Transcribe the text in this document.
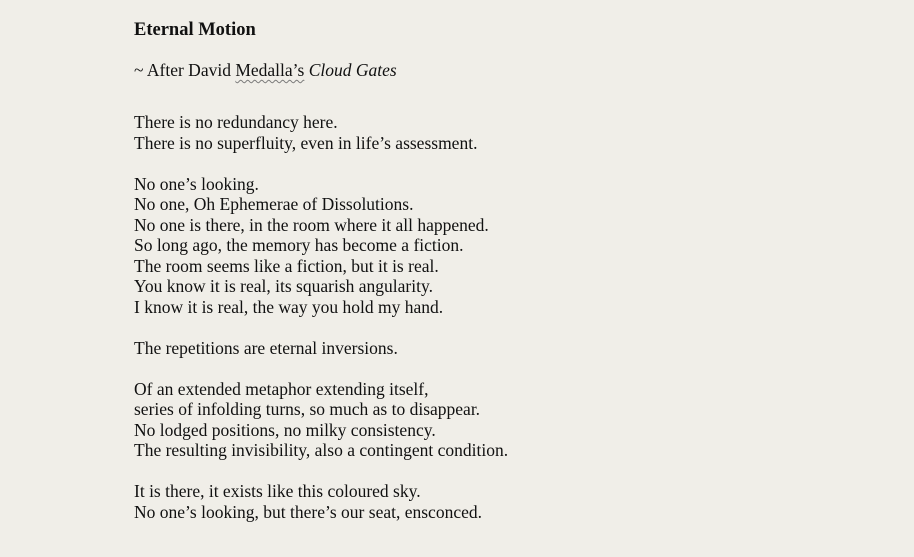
Eternal Motion
~ After David Medalla’s Cloud Gates
There is no redundancy here.
There is no superfluity, even in life’s assessment.
No one’s looking.
No one, Oh Ephemerae of Dissolutions.
No one is there, in the room where it all happened.
So long ago, the memory has become a fiction.
The room seems like a fiction, but it is real.
You know it is real, its squarish angularity.
I know it is real, the way you hold my hand.
The repetitions are eternal inversions.
Of an extended metaphor extending itself,
series of infolding turns, so much as to disappear.
No lodged positions, no milky consistency.
The resulting invisibility, also a contingent condition.
It is there, it exists like this coloured sky.
No one’s looking, but there’s our seat, ensconced.
